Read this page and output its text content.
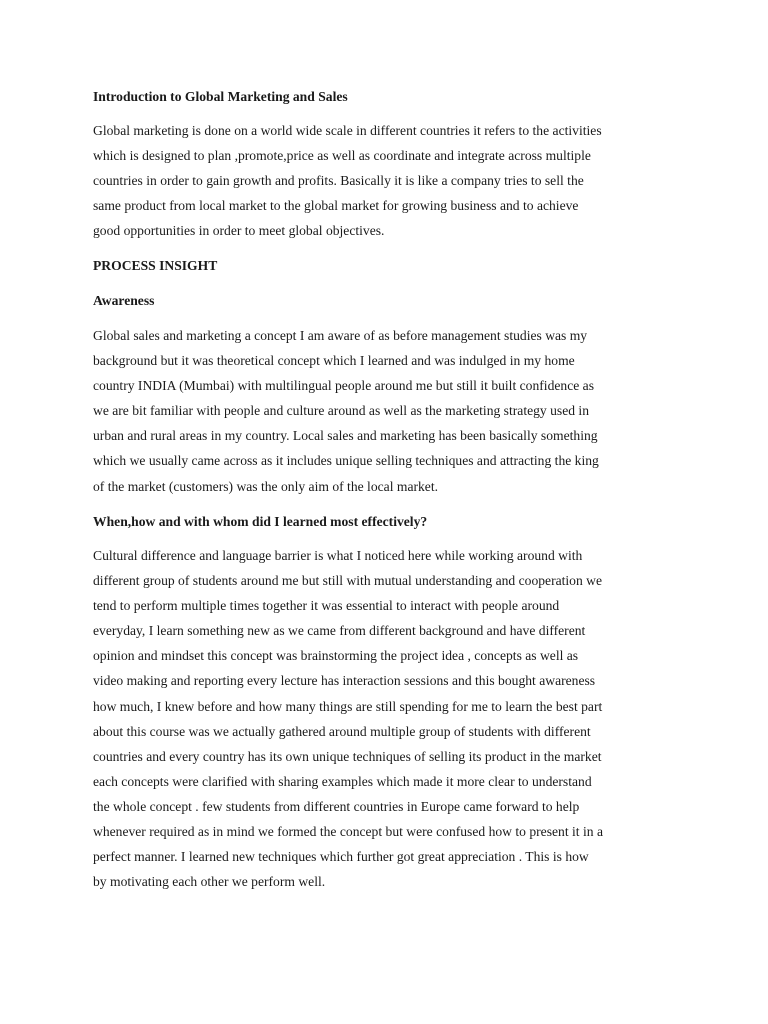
Introduction to Global Marketing and Sales
Global marketing is done on a world wide scale in different countries it refers to the activities
which is designed to plan ,promote,price as well as coordinate and integrate across multiple
countries in order to gain growth and profits. Basically it is like a company tries to sell the
same product from local market to the global market for growing business and to achieve
good opportunities in order to meet global objectives.
PROCESS INSIGHT
Awareness
Global sales and marketing a concept I am aware of as before management studies was my
background but it was theoretical concept which I learned and was indulged in my home
country INDIA (Mumbai) with multilingual people around me but still it built confidence as
we are bit familiar with people and culture around as well as the marketing strategy used in
urban and rural areas in my country. Local sales and marketing has been basically something
which we usually came across as it includes unique selling techniques and attracting the king
of the market (customers) was the only aim of the local market.
When,how and with whom did I learned most effectively?
Cultural difference and language barrier is what I noticed here while working around with
different group of students around me but still with mutual understanding and cooperation we
tend to perform multiple times together it was essential to interact with people around
everyday, I learn something new as we came from different background and have different
opinion and mindset this concept was brainstorming the project idea , concepts as well as
video making and reporting every lecture has interaction sessions and this bought awareness
how much, I knew before and how many things are still spending for me to learn the best part
about this course was we actually gathered around multiple group of students with different
countries and every country has its own unique techniques of selling its product in the market
each concepts were clarified with sharing examples which made it more clear to understand
the whole concept . few students from different countries in Europe came forward to help
whenever required as in mind we formed the concept but were confused how to present it in a
perfect manner. I learned new techniques which further got great appreciation . This is how
by motivating each other we perform well.
